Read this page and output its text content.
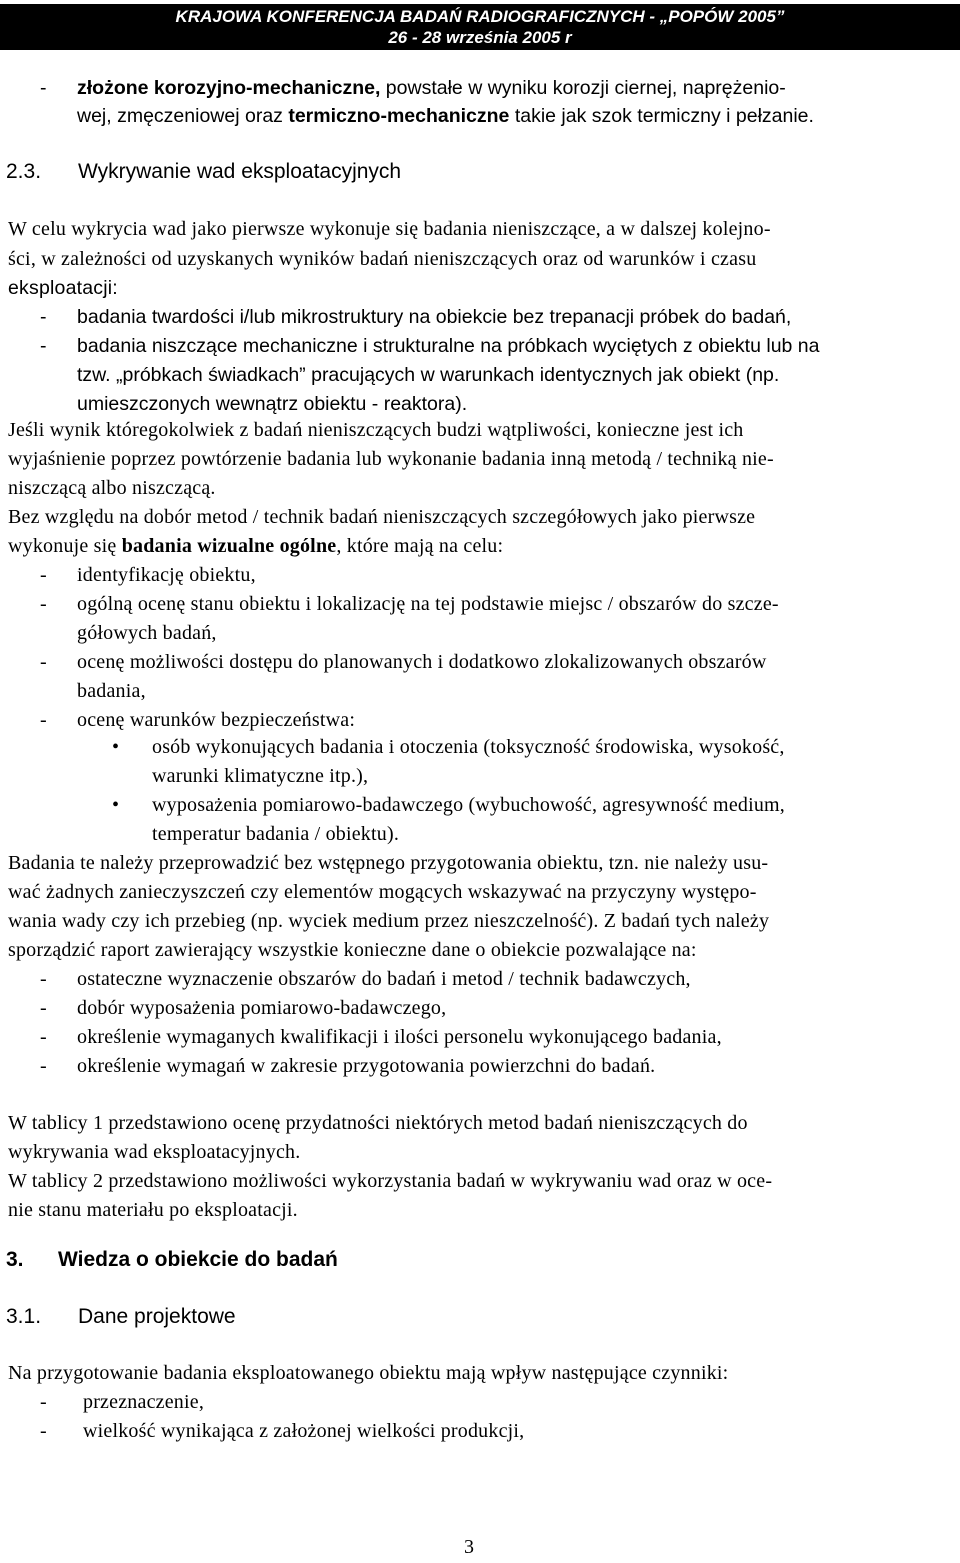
KRAJOWA KONFERENCJA BADAŃ RADIOGRAFICZNYCH - „POPÓW 2005”
26 - 28 września 2005 r
- złożone korozyjno-mechaniczne, powstałe w wyniku korozji ciernej, naprężenio-
wej, zmęczeniowej oraz termiczno-mechaniczne takie jak szok termiczny i pełzanie.
2.3. Wykrywanie wad eksploatacyjnych
W celu wykrycia wad jako pierwsze wykonuje się badania nieniszczące, a w dalszej kolejno-
ści, w zależności od uzyskanych wyników badań nieniszczących oraz od warunków i czasu
eksploatacji:
- badania twardości i/lub mikrostruktury na obiekcie bez trepanacji próbek do badań,
- badania niszczące mechaniczne i strukturalne na próbkach wyciętych z obiektu lub na
tzw. „próbkach świadkach” pracujących w warunkach identycznych jak obiekt (np.
umieszczonych wewnątrz obiektu - reaktora).
Jeśli wynik któregokolwiek z badań nieniszczących budzi wątpliwości, konieczne jest ich
wyjaśnienie poprzez powtórzenie badania lub wykonanie badania inną metodą / techniką nie-
niszczącą albo niszczącą.
Bez względu na dobór metod / technik badań nieniszczących szczegółowych jako pierwsze
wykonuje się badania wizualne ogólne, które mają na celu:
- identyfikację obiektu,
- ogólną ocenę stanu obiektu i lokalizację na tej podstawie miejsc / obszarów do szcze-
gółowych badań,
- ocenę możliwości dostępu do planowanych i dodatkowo zlokalizowanych obszarów
badania,
- ocenę warunków bezpieczeństwa:
• osób wykonujących badania i otoczenia (toksyczność środowiska, wysokość,
warunki klimatyczne itp.),
• wyposażenia pomiarowo-badawczego (wybuchowość, agresywność medium,
temperatur badania / obiektu).
Badania te należy przeprowadzić bez wstępnego przygotowania obiektu, tzn. nie należy usu-
wać żadnych zanieczyszczeń czy elementów mogących wskazywać na przyczyny występo-
wania wady czy ich przebieg (np. wyciek medium przez nieszczelność). Z badań tych należy
sporządzić raport zawierający wszystkie konieczne dane o obiekcie pozwalające na:
- ostateczne wyznaczenie obszarów do badań i metod / technik badawczych,
- dobór wyposażenia pomiarowo-badawczego,
- określenie wymaganych kwalifikacji i ilości personelu wykonującego badania,
- określenie wymagań w zakresie przygotowania powierzchni do badań.
W tablicy 1 przedstawiono ocenę przydatności niektórych metod badań nieniszczących do
wykrywania wad eksploatacyjnych.
W tablicy 2 przedstawiono możliwości wykorzystania badań w wykrywaniu wad oraz w oce-
nie stanu materiału po eksploatacji.
3. Wiedza o obiekcie do badań
3.1. Dane projektowe
Na przygotowanie badania eksploatowanego obiektu mają wpływ następujące czynniki:
- przeznaczenie,
- wielkość wynikająca z założonej wielkości produkcji,
3
